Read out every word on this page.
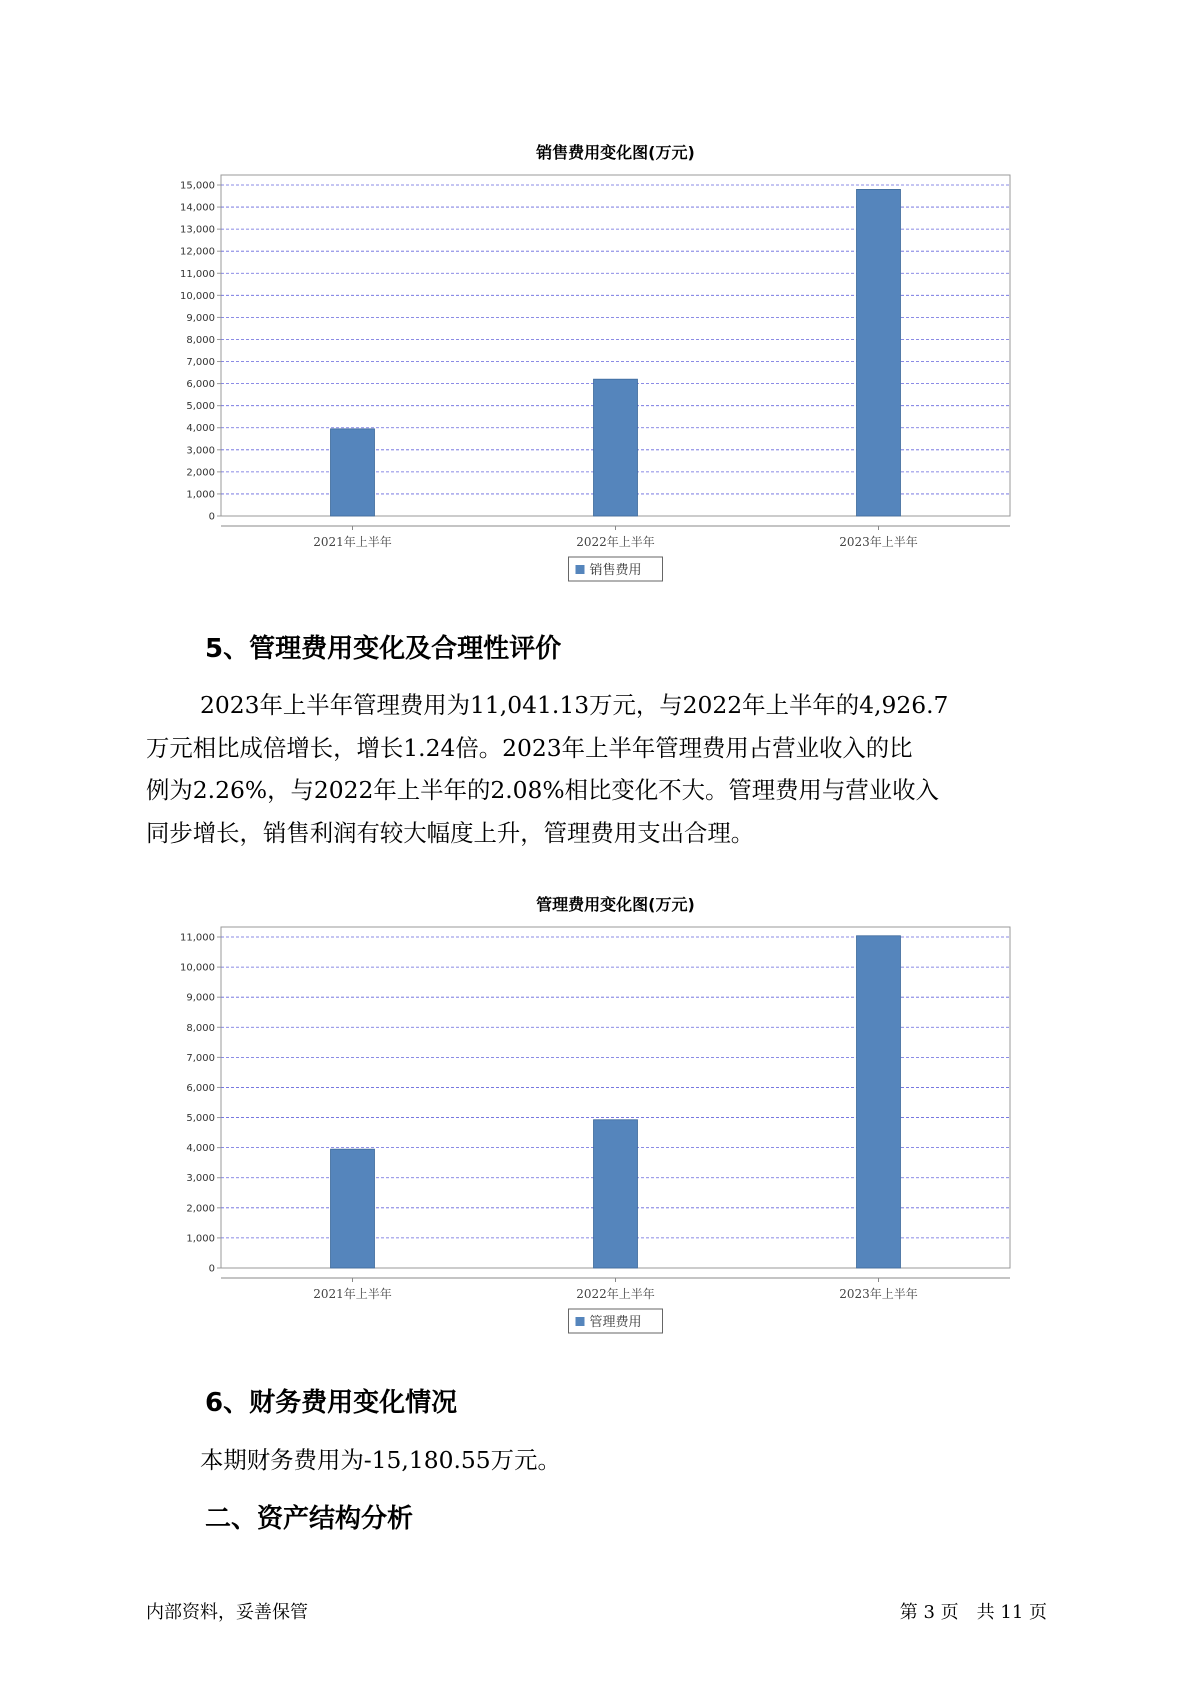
销售费用变化图(万元)
0
1,000
2,000
3,000
4,000
5,000
6,000
7,000
8,000
9,000
10,000
11,000
12,000
13,000
14,000
15,000
2021年上半年	2022年上半年	2023年上半年
销售费用
5、管理费用变化及合理性评价

2023年上半年管理费用为11,041.13万元，与2022年上半年的4,926.7
万元相比成倍增长，增长1.24倍。2023年上半年管理费用占营业收入的比
例为2.26%，与2022年上半年的2.08%相比变化不大。管理费用与营业收入
同步增长，销售利润有较大幅度上升，管理费用支出合理。

管理费用变化图(万元)
0
1,000
2,000
3,000
4,000
5,000
6,000
7,000
8,000
9,000
10,000
11,000
2021年上半年	2022年上半年	2023年上半年
管理费用
6、财务费用变化情况

本期财务费用为-15,180.55万元。

二、资产结构分析
内部资料，妥善保管	第 3 页　共 11 页
